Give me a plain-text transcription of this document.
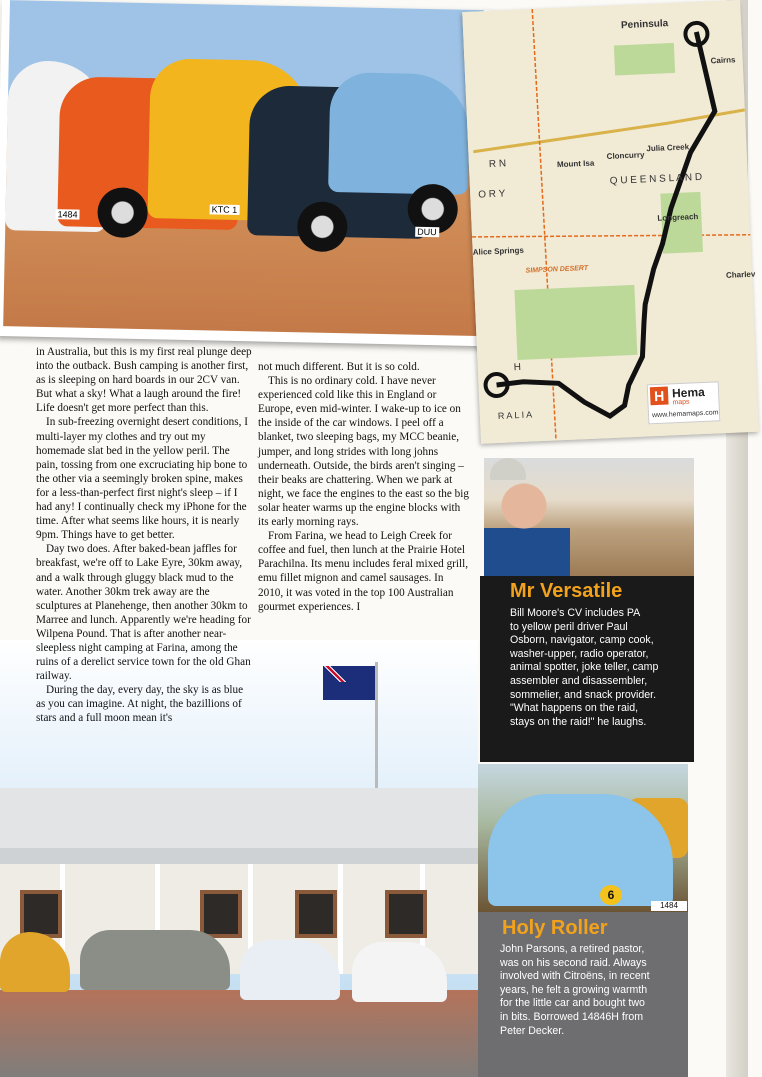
1484	KTC 1
DUU
Peninsula
Cairns
Mount Isa
Cloncurry
Julia Creek
Q U E E N S L A N D
O R Y
R N
Longreach
Alice Springs
SIMPSON DESERT	Charlev
H
R A L I A
H Hema
maps
www.hemamaps.com

in Australia, but this is my first real plunge deep into the outback. Bush camping is another first, as is sleeping on hard boards in our 2CV van. But what a sky! What a laugh around the fire! Life doesn't get more perfect than this.

In sub-freezing overnight desert conditions, I multi-layer my clothes and try out my homemade slat bed in the yellow peril. The pain, tossing from one excruciating hip bone to the other via a seemingly broken spine, makes for a less-than-perfect first night's sleep – if I had any! I continually check my iPhone for the time. After what seems like hours, it is nearly 9pm. Things have to get better.

Day two does. After baked-bean jaffles for breakfast, we're off to Lake Eyre, 30km away, and a walk through gluggy black mud to the water. Another 30km trek away are the sculptures at Planehenge, then another 30km to Marree and lunch. Apparently we're heading for Wilpena Pound. That is after another near-sleepless night camping at Farina, among the ruins of a derelict service town for the old Ghan railway.

During the day, every day, the sky is as blue as you can imagine. At night, the bazillions of stars and a full moon mean it's

not much different. But it is so cold.

This is no ordinary cold. I have never experienced cold like this in England or Europe, even mid-winter. I wake-up to ice on the inside of the car windows. I peel off a blanket, two sleeping bags, my MCC beanie, jumper, and long strides with long johns underneath. Outside, the birds aren't singing – their beaks are chattering. When we park at night, we face the engines to the east so the big solar heater warms up the engine blocks with its early morning rays.

From Farina, we head to Leigh Creek for coffee and fuel, then lunch at the Prairie Hotel Parachilna. Its menu includes feral mixed grill, emu fillet mignon and camel sausages. In 2010, it was voted in the top 100 Australian gourmet experiences. I

Mr Versatile
Bill Moore's CV includes PA
to yellow peril driver Paul
Osborn, navigator, camp cook,
washer-upper, radio operator,
animal spotter, joke teller, camp
assembler and disassembler,
sommelier, and snack provider.
"What happens on the raid,
stays on the raid!" he laughs.
6
1484
Holy Roller
John Parsons, a retired pastor,
was on his second raid. Always
involved with Citroëns, in recent
years, he felt a growing warmth
for the little car and bought two
in bits. Borrowed 14846H from
Peter Decker.
